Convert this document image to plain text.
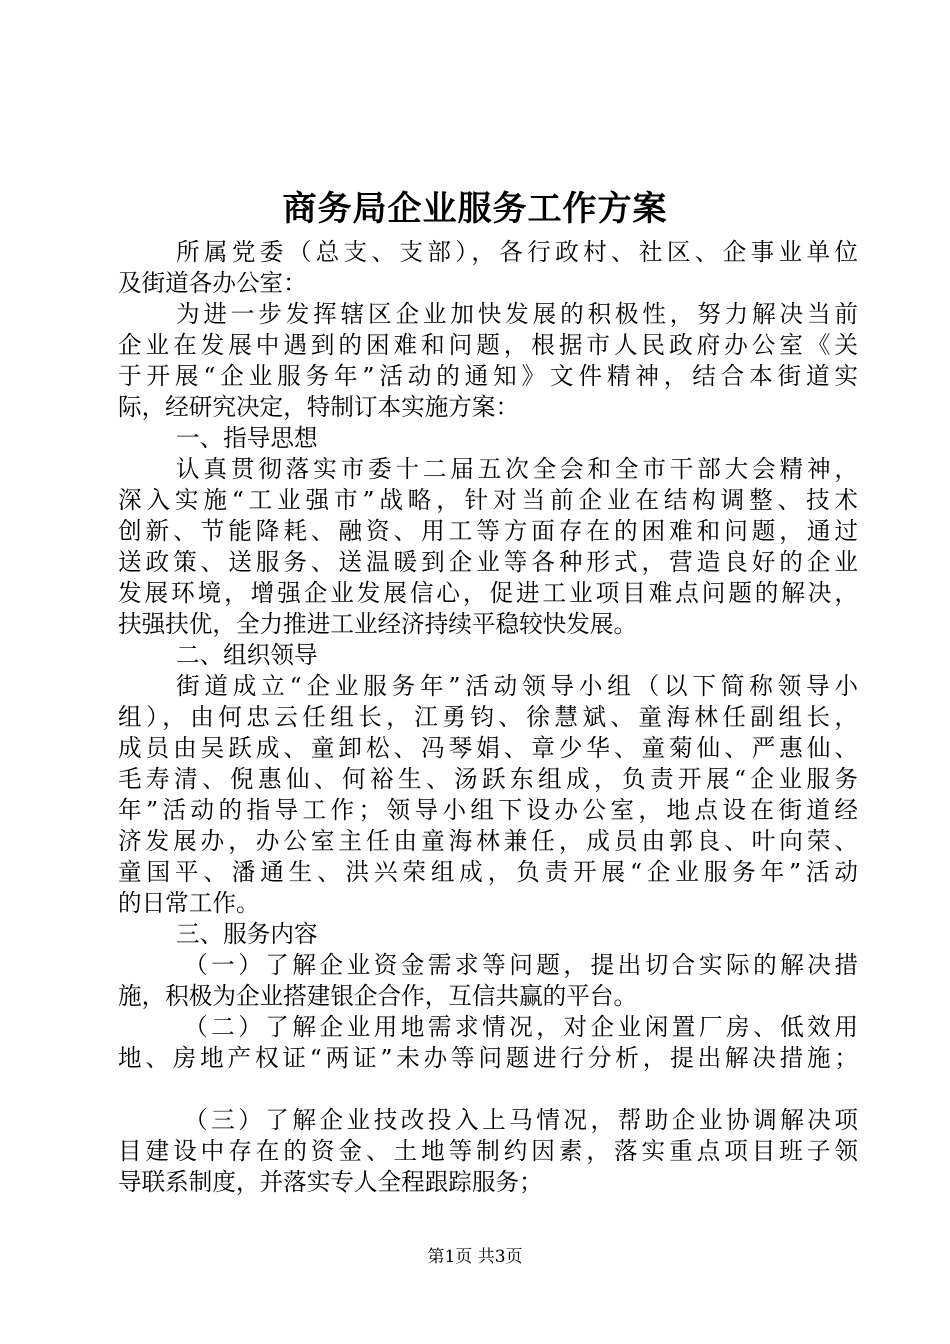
商务局企业服务工作方案
所属党委（总支、支部），各行政村、社区、企事业单位
及街道各办公室：
为进一步发挥辖区企业加快发展的积极性，努力解决当前
企业在发展中遇到的困难和问题，根据市人民政府办公室《关
于开展“企业服务年”活动的通知》文件精神，结合本街道实
际，经研究决定，特制订本实施方案：
一、指导思想
认真贯彻落实市委十二届五次全会和全市干部大会精神，
深入实施“工业强市”战略，针对当前企业在结构调整、技术
创新、节能降耗、融资、用工等方面存在的困难和问题，通过
送政策、送服务、送温暖到企业等各种形式，营造良好的企业
发展环境，增强企业发展信心，促进工业项目难点问题的解决，
扶强扶优，全力推进工业经济持续平稳较快发展。
二、组织领导
街道成立“企业服务年”活动领导小组（以下简称领导小
组），由何忠云任组长，江勇钧、徐慧斌、童海林任副组长，
成员由吴跃成、童卸松、冯琴娟、章少华、童菊仙、严惠仙、
毛寿清、倪惠仙、何裕生、汤跃东组成，负责开展“企业服务
年”活动的指导工作；领导小组下设办公室，地点设在街道经
济发展办，办公室主任由童海林兼任，成员由郭良、叶向荣、
童国平、潘通生、洪兴荣组成，负责开展“企业服务年”活动
的日常工作。
三、服务内容
（一）了解企业资金需求等问题，提出切合实际的解决措
施，积极为企业搭建银企合作，互信共赢的平台。
（二）了解企业用地需求情况，对企业闲置厂房、低效用
地、房地产权证“两证”未办等问题进行分析，提出解决措施；
（三）了解企业技改投入上马情况，帮助企业协调解决项
目建设中存在的资金、土地等制约因素，落实重点项目班子领
导联系制度，并落实专人全程跟踪服务；
第1页 共3页
